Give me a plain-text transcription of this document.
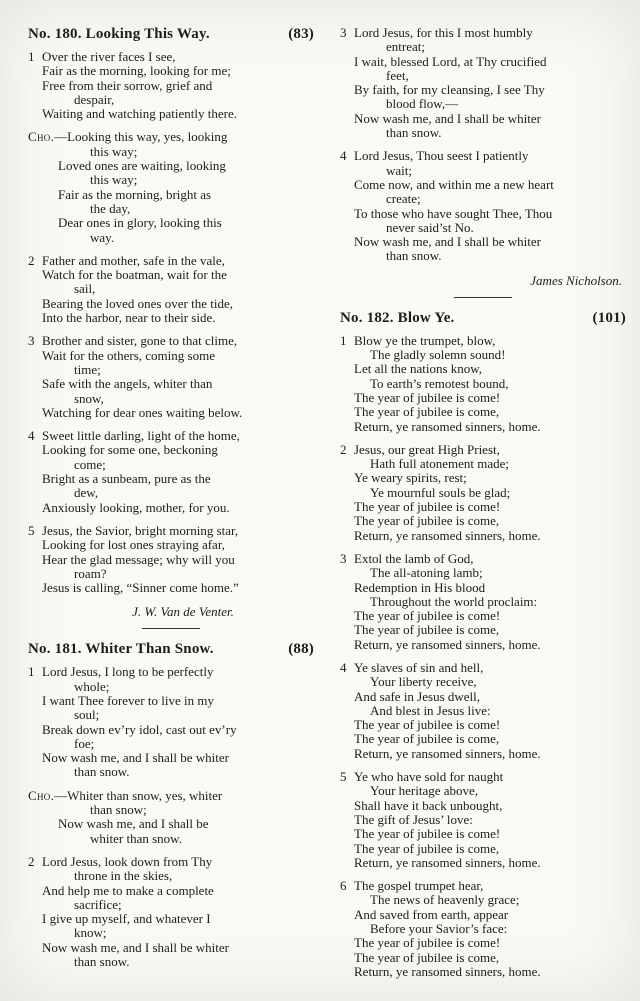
No. 180. Looking This Way.	(83)
1 Over the river faces I see,
Fair as the morning, looking for me;
Free from their sorrow, grief and
despair,
Waiting and watching patiently there.
Cho.—Looking this way, yes, looking
this way;
Loved ones are waiting, looking
this way;
Fair as the morning, bright as
the day,
Dear ones in glory, looking this
way.
2 Father and mother, safe in the vale,
Watch for the boatman, wait for the
sail,
Bearing the loved ones over the tide,
Into the harbor, near to their side.
3 Brother and sister, gone to that clime,
Wait for the others, coming some
time;
Safe with the angels, whiter than
snow,
Watching for dear ones waiting below.
4 Sweet little darling, light of the home,
Looking for some one, beckoning
come;
Bright as a sunbeam, pure as the
dew,
Anxiously looking, mother, for you.
5 Jesus, the Savior, bright morning star,
Looking for lost ones straying afar,
Hear the glad message; why will you
roam?
Jesus is calling, “Sinner come home.”
J. W. Van de Venter.
No. 181. Whiter Than Snow.	(88)
1 Lord Jesus, I long to be perfectly
whole;
I want Thee forever to live in my
soul;
Break down ev’ry idol, cast out ev’ry
foe;
Now wash me, and I shall be whiter
than snow.
Cho.—Whiter than snow, yes, whiter
than snow;
Now wash me, and I shall be
whiter than snow.
2 Lord Jesus, look down from Thy
throne in the skies,
And help me to make a complete
sacrifice;
I give up myself, and whatever I
know;
Now wash me, and I shall be whiter
than snow.
3 Lord Jesus, for this I most humbly
entreat;
I wait, blessed Lord, at Thy crucified
feet,
By faith, for my cleansing, I see Thy
blood flow,—
Now wash me, and I shall be whiter
than snow.
4 Lord Jesus, Thou seest I patiently
wait;
Come now, and within me a new heart
create;
To those who have sought Thee, Thou
never said’st No.
Now wash me, and I shall be whiter
than snow.
James Nicholson.
No. 182. Blow Ye.	(101)
1 Blow ye the trumpet, blow,
The gladly solemn sound!
Let all the nations know,
To earth’s remotest bound,
The year of jubilee is come!
The year of jubilee is come,
Return, ye ransomed sinners, home.
2 Jesus, our great High Priest,
Hath full atonement made;
Ye weary spirits, rest;
Ye mournful souls be glad;
The year of jubilee is come!
The year of jubilee is come,
Return, ye ransomed sinners, home.
3 Extol the lamb of God,
The all-atoning lamb;
Redemption in His blood
Throughout the world proclaim:
The year of jubilee is come!
The year of jubilee is come,
Return, ye ransomed sinners, home.
4 Ye slaves of sin and hell,
Your liberty receive,
And safe in Jesus dwell,
And blest in Jesus live:
The year of jubilee is come!
The year of jubilee is come,
Return, ye ransomed sinners, home.
5 Ye who have sold for naught
Your heritage above,
Shall have it back unbought,
The gift of Jesus’ love:
The year of jubilee is come!
The year of jubilee is come,
Return, ye ransomed sinners, home.
6 The gospel trumpet hear,
The news of heavenly grace;
And saved from earth, appear
Before your Savior’s face:
The year of jubilee is come!
The year of jubilee is come,
Return, ye ransomed sinners, home.
